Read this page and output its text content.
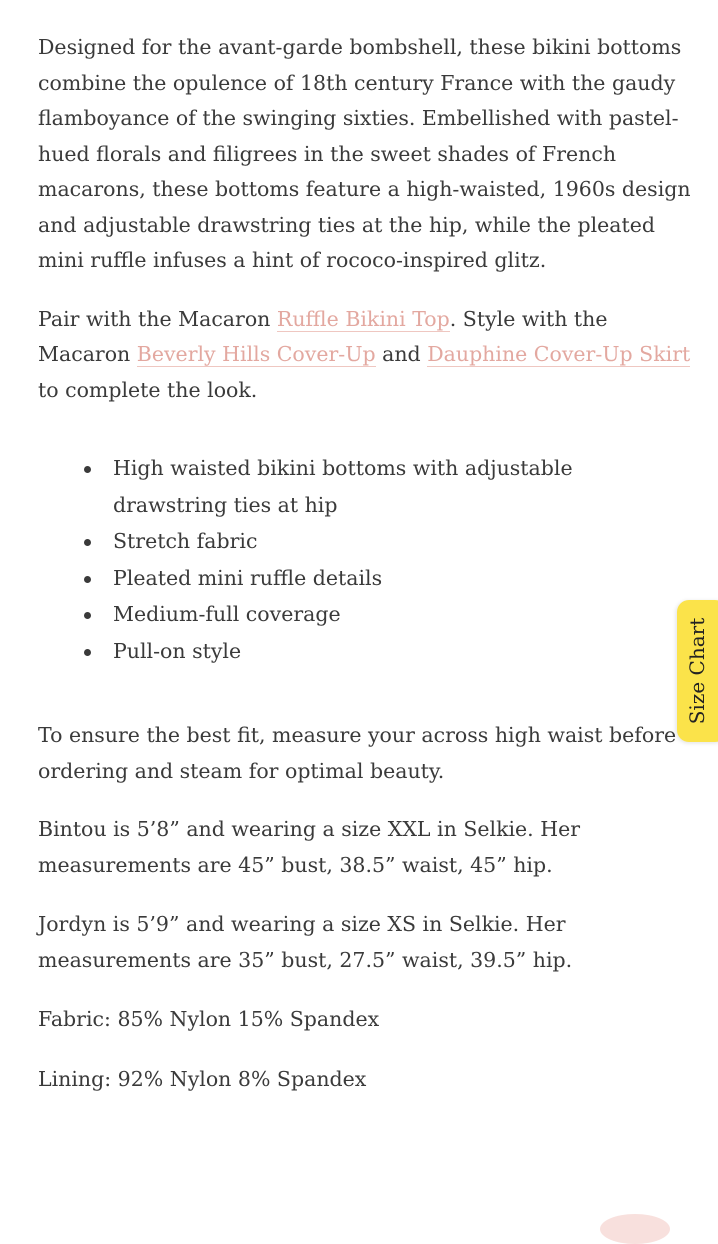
Designed for the avant-garde bombshell, these bikini bottoms combine the opulence of 18th century France with the gaudy flamboyance of the swinging sixties. Embellished with pastel-hued florals and filigrees in the sweet shades of French macarons, these bottoms feature a high-waisted, 1960s design and adjustable drawstring ties at the hip, while the pleated mini ruffle infuses a hint of rococo-inspired glitz.

Pair with the Macaron Ruffle Bikini Top. Style with the Macaron Beverly Hills Cover-Up and Dauphine Cover-Up Skirt to complete the look.

High waisted bikini bottoms with adjustable drawstring ties at hip
Stretch fabric
Pleated mini ruffle details
Medium-full coverage
Pull-on style

To ensure the best fit, measure your across high waist before
ordering and steam for optimal beauty.

Bintou is 5’8” and wearing a size XXL in Selkie. Her measurements are 45” bust, 38.5” waist, 45” hip.

Jordyn is 5’9” and wearing a size XS in Selkie. Her measurements are 35” bust, 27.5” waist, 39.5” hip.

Fabric: 85% Nylon 15% Spandex

Lining: 92% Nylon 8% Spandex

Size Chart
